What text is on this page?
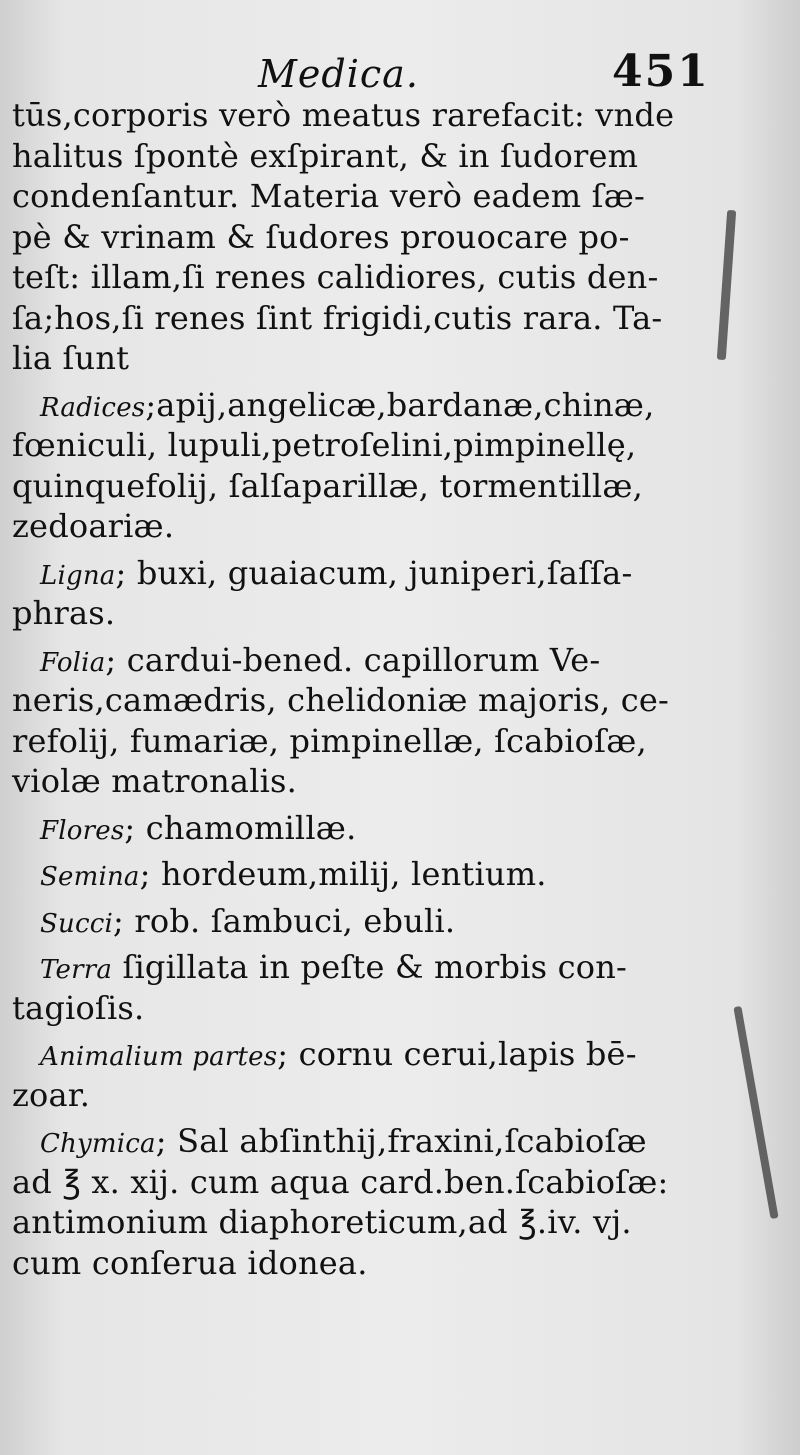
Medica.	451
tūs,corporis verò meatus rarefacit: vnde
halitus ſpontè exſpirant, & in ſudorem
condenſantur. Materia verò eadem ſæ-
pè & vrinam & ſudores prouocare po-
teſt: illam,ſi renes calidiores, cutis den-
ſa;hos,ſi renes ſint frigidi,cutis rara. Ta-
lia ſunt
Radices;apij,angelicæ,bardanæ,chinæ,
fœniculi, lupuli,petroſelini,pimpinellę,
quinquefolij, ſalſaparillæ, tormentillæ,
zedoariæ.
Ligna; buxi, guaiacum, juniperi,ſaſſa-
phras.
Folia; cardui-bened. capillorum Ve-
neris,camædris, chelidoniæ majoris, ce-
refolij, fumariæ, pimpinellæ, ſcabioſæ,
violæ matronalis.
Flores; chamomillæ.
Semina; hordeum,milij, lentium.
Succi; rob. ſambuci, ebuli.
Terra ſigillata in peſte & morbis con-
tagioſis.
Animalium partes; cornu cerui,lapis bē-
zoar.
Chymica; Sal abſinthij,fraxini,ſcabioſæ
ad ℥ x. xij. cum aqua card.ben.ſcabioſæ:
antimonium diaphoreticum,ad ℥.iv. vj.
cum conſerua idonea.
